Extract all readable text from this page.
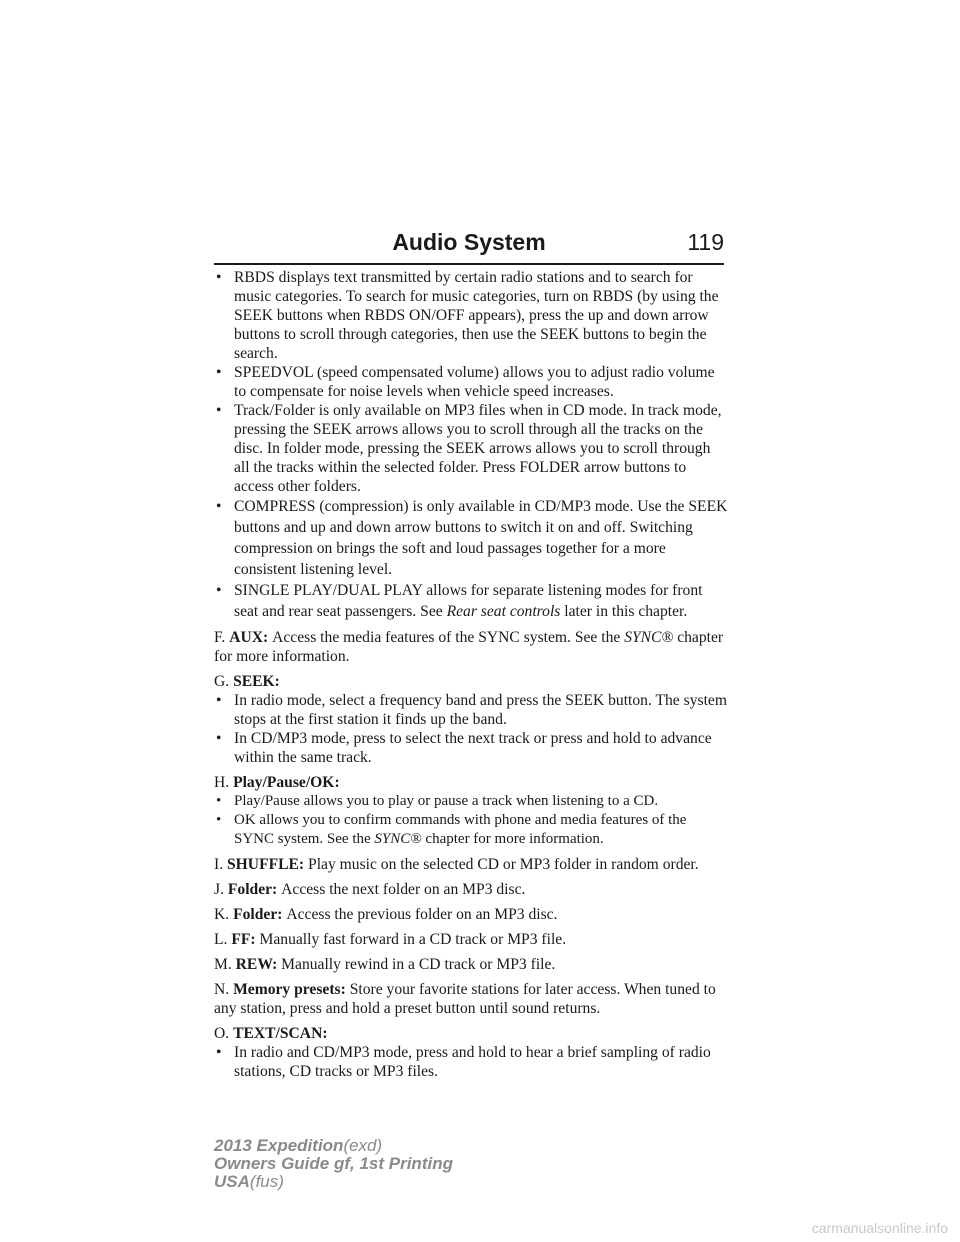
Audio System	119
• RBDS displays text transmitted by certain radio stations and to search for music categories. To search for music categories, turn on RBDS (by using the SEEK buttons when RBDS ON/OFF appears), press the up and down arrow buttons to scroll through categories, then use the SEEK buttons to begin the search.
• SPEEDVOL (speed compensated volume) allows you to adjust radio volume to compensate for noise levels when vehicle speed increases.
• Track/Folder is only available on MP3 files when in CD mode. In track mode, pressing the SEEK arrows allows you to scroll through all the tracks on the disc. In folder mode, pressing the SEEK arrows allows you to scroll through all the tracks within the selected folder. Press FOLDER arrow buttons to access other folders.
• COMPRESS (compression) is only available in CD/MP3 mode. Use the SEEK buttons and up and down arrow buttons to switch it on and off. Switching compression on brings the soft and loud passages together for a more consistent listening level.
• SINGLE PLAY/DUAL PLAY allows for separate listening modes for front seat and rear seat passengers. See Rear seat controls later in this chapter.
F. AUX: Access the media features of the SYNC system. See the SYNC® chapter for more information.
G. SEEK:
• In radio mode, select a frequency band and press the SEEK button. The system stops at the first station it finds up the band.
• In CD/MP3 mode, press to select the next track or press and hold to advance within the same track.
H. Play/Pause/OK:
• Play/Pause allows you to play or pause a track when listening to a CD.
• OK allows you to confirm commands with phone and media features of the SYNC system. See the SYNC® chapter for more information.
I. SHUFFLE: Play music on the selected CD or MP3 folder in random order.
J. Folder: Access the next folder on an MP3 disc.
K. Folder: Access the previous folder on an MP3 disc.
L. FF: Manually fast forward in a CD track or MP3 file.
M. REW: Manually rewind in a CD track or MP3 file.
N. Memory presets: Store your favorite stations for later access. When tuned to any station, press and hold a preset button until sound returns.
O. TEXT/SCAN:
• In radio and CD/MP3 mode, press and hold to hear a brief sampling of radio stations, CD tracks or MP3 files.
2013 Expedition(exd)
Owners Guide gf, 1st Printing
USA(fus)
carmanualsonline.info
